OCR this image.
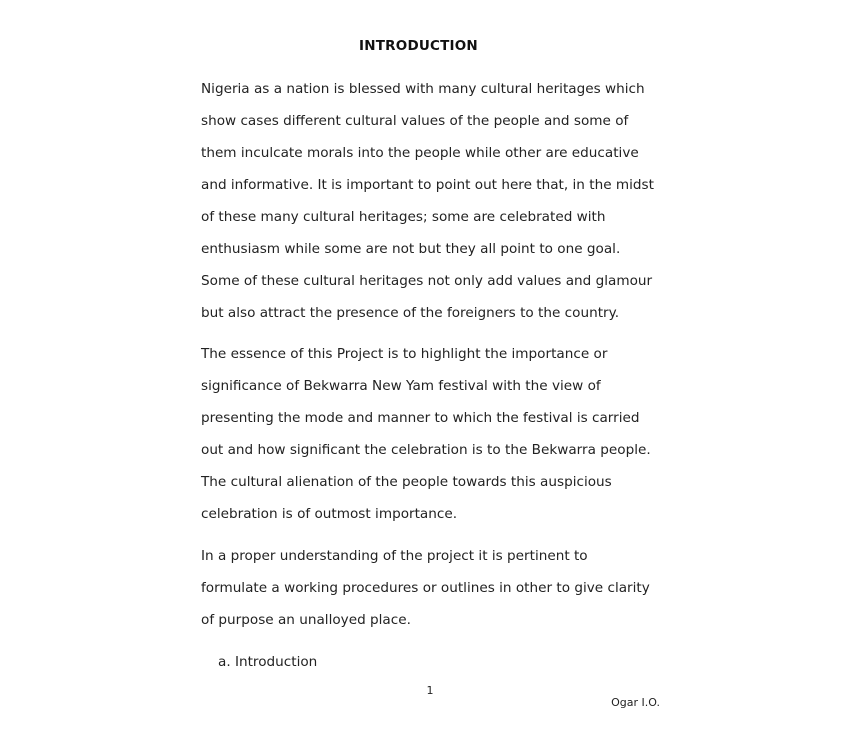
INTRODUCTION
Nigeria as a nation is blessed with many cultural heritages which
show cases different cultural values of the people and some of
them inculcate morals into the people while other are educative
and informative. It is important to point out here that, in the midst
of these many cultural heritages; some are celebrated with
enthusiasm while some are not but they all point to one goal.
Some of these cultural heritages not only add values and glamour
but also attract the presence of the foreigners to the country.
The essence of this Project is to highlight the importance or
significance of Bekwarra New Yam festival with the view of
presenting the mode and manner to which the festival is carried
out and how significant the celebration is to the Bekwarra people.
The cultural alienation of the people towards this auspicious
celebration is of outmost importance.
In a proper understanding of the project it is pertinent to
formulate a working procedures or outlines in other to give clarity
of purpose an unalloyed place.
a. Introduction
1
Ogar I.O.
